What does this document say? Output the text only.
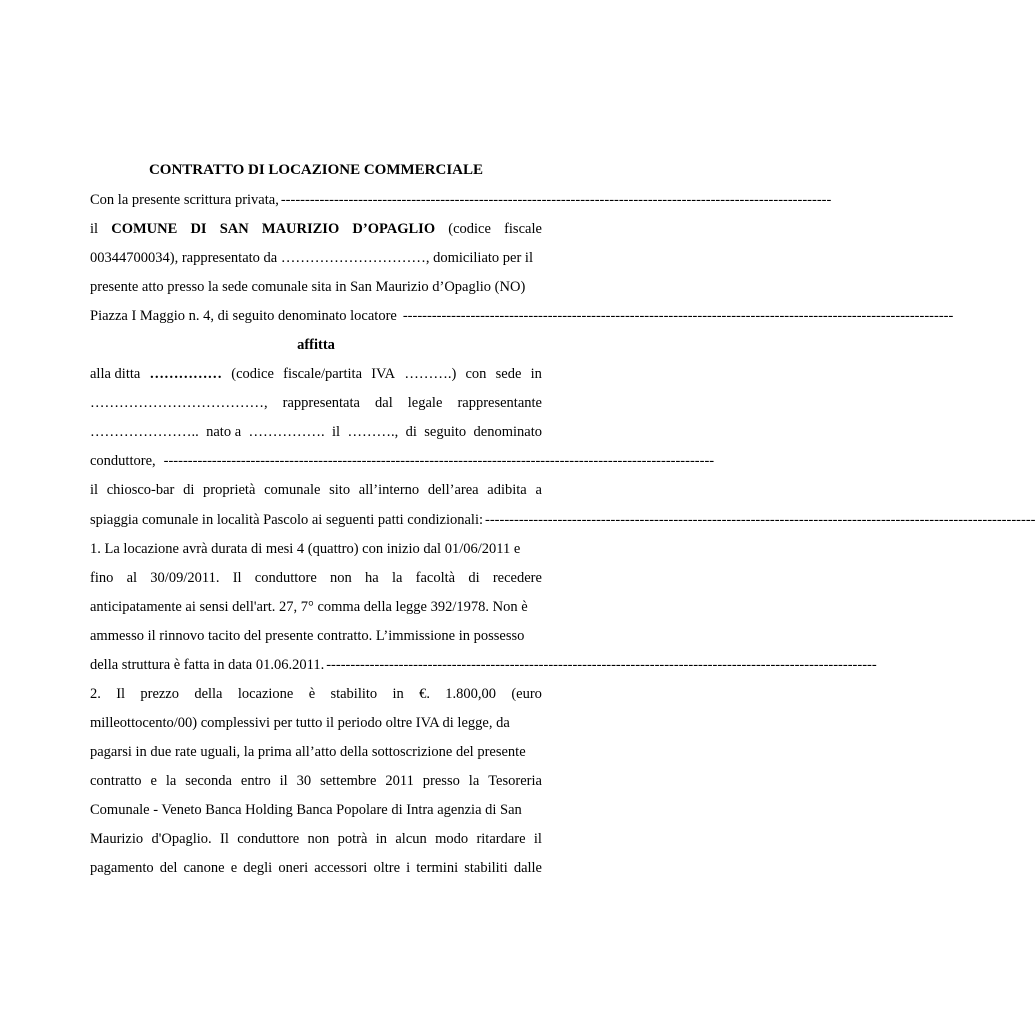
CONTRATTO DI LOCAZIONE COMMERCIALE
Con la presente scrittura privata, ------------------------------------------------------------------------------------------------------------------
il COMUNE DI SAN MAURIZIO D’OPAGLIO (codice fiscale
00344700034), rappresentato da …………………………, domiciliato per il
presente atto presso la sede comunale sita in San Maurizio d’Opaglio (NO)
Piazza I Maggio n. 4, di seguito denominato locatore ------------------------------------------------------------------------------------------------------------------
affitta
alla ditta …………… (codice fiscale/partita IVA ……….) con sede in
………………………………, rappresentata dal legale rappresentante
………………….. nato a ……………. il ………., di seguito denominato
conduttore, ------------------------------------------------------------------------------------------------------------------
il chiosco-bar di proprietà comunale sito all’interno dell’area adibita a
spiaggia comunale in località Pascolo ai seguenti patti condizionali: ------------------------------------------------------------------------------------------------------------------
1. La locazione avrà durata di mesi 4 (quattro) con inizio dal 01/06/2011 e
fino al 30/09/2011. Il conduttore non ha la facoltà di recedere
anticipatamente ai sensi dell'art. 27, 7° comma della legge 392/1978. Non è
ammesso il rinnovo tacito del presente contratto. L’immissione in possesso
della struttura è fatta in data 01.06.2011. ------------------------------------------------------------------------------------------------------------------
2. Il prezzo della locazione è stabilito in €. 1.800,00 (euro
milleottocento/00) complessivi per tutto il periodo oltre IVA di legge, da
pagarsi in due rate uguali, la prima all’atto della sottoscrizione del presente
contratto e la seconda entro il 30 settembre 2011 presso la Tesoreria
Comunale - Veneto Banca Holding Banca Popolare di Intra agenzia di San
Maurizio d'Opaglio. Il conduttore non potrà in alcun modo ritardare il
pagamento del canone e degli oneri accessori oltre i termini stabiliti dalle
